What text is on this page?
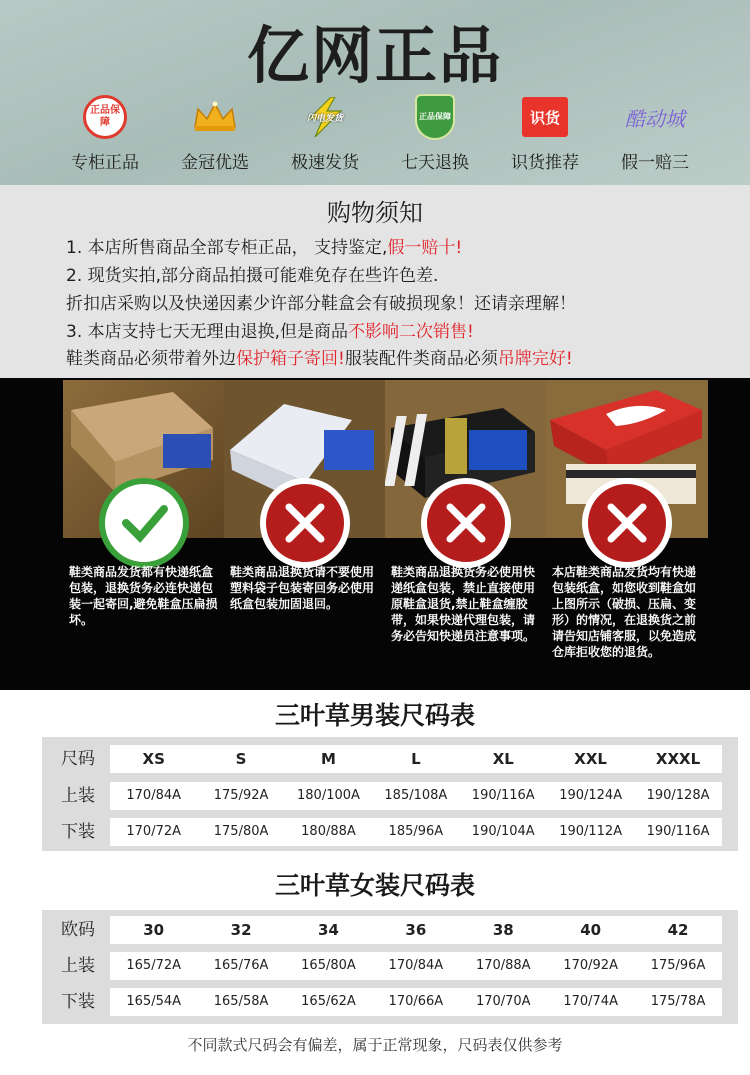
亿网正品
正品保障
专柜正品	金冠优选
闪电发货
极速发货
正品保障
七天退换
识货
识货推荐
酷动城
假一赔三
购物须知
1. 本店所售商品全部专柜正品， 支持鉴定,假一赔十!
2. 现货实拍,部分商品拍摄可能难免存在些许色差.
折扣店采购以及快递因素少许部分鞋盒会有破损现象！还请亲理解！
3. 本店支持七天无理由退换,但是商品不影响二次销售!
鞋类商品必须带着外边保护箱子寄回!服装配件类商品必须吊牌完好!
鞋类商品发货都有快递纸盒包装，退换货务必连快递包装一起寄回,避免鞋盒压扁损坏。
鞋类商品退换货请不要使用塑料袋子包装寄回务必使用纸盒包装加固退回。
鞋类商品退换货务必使用快递纸盒包装，禁止直接使用原鞋盒退货,禁止鞋盒缠胶带，如果快递代理包装，请务必告知快递员注意事项。
本店鞋类商品发货均有快递包装纸盒，如您收到鞋盒如上图所示（破损、压扁、变形）的情况，在退换货之前请告知店铺客服，以免造成仓库拒收您的退货。
三叶草男装尺码表
尺码	XS	S	M	L	XL	XXL	XXXL
上装	170/84A	175/92A	180/100A	185/108A	190/116A	190/124A	190/128A
下装	170/72A	175/80A	180/88A	185/96A	190/104A	190/112A	190/116A
三叶草女装尺码表
欧码	30	32	34	36	38	40	42
上装	165/72A	165/76A	165/80A	170/84A	170/88A	170/92A	175/96A
下装	165/54A	165/58A	165/62A	170/66A	170/70A	170/74A	175/78A
不同款式尺码会有偏差，属于正常现象，尺码表仅供参考
